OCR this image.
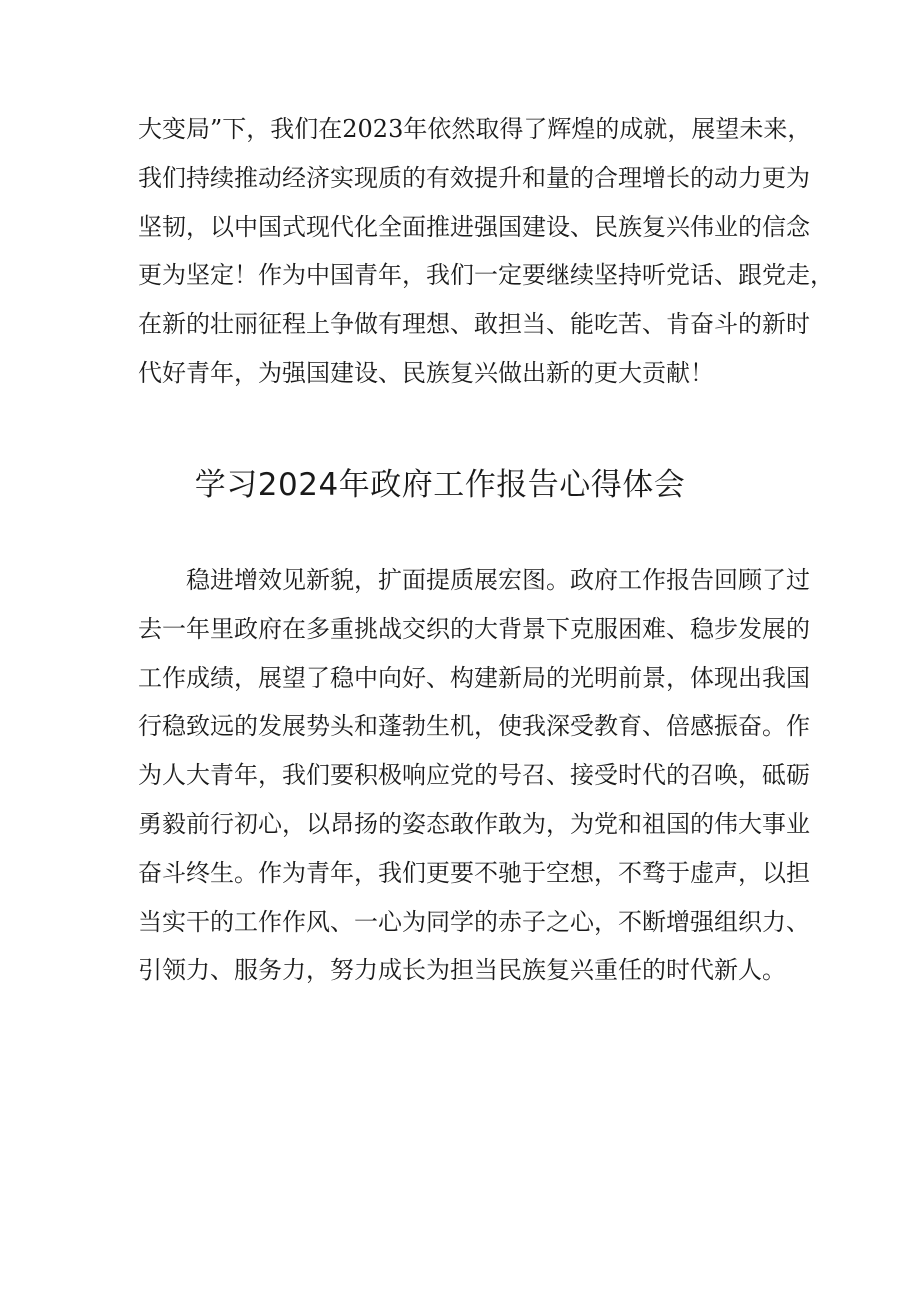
大变局”下，我们在2023年依然取得了辉煌的成就，展望未来，
我们持续推动经济实现质的有效提升和量的合理增长的动力更为
坚韧，以中国式现代化全面推进强国建设、民族复兴伟业的信念
更为坚定！作为中国青年，我们一定要继续坚持听党话、跟党走，
在新的壮丽征程上争做有理想、敢担当、能吃苦、肯奋斗的新时
代好青年，为强国建设、民族复兴做出新的更大贡献！
学习2024年政府工作报告心得体会
稳进增效见新貌，扩面提质展宏图。政府工作报告回顾了过
去一年里政府在多重挑战交织的大背景下克服困难、稳步发展的
工作成绩，展望了稳中向好、构建新局的光明前景，体现出我国
行稳致远的发展势头和蓬勃生机，使我深受教育、倍感振奋。作
为人大青年，我们要积极响应党的号召、接受时代的召唤，砥砺
勇毅前行初心，以昂扬的姿态敢作敢为，为党和祖国的伟大事业
奋斗终生。作为青年，我们更要不驰于空想，不骛于虚声，以担
当实干的工作作风、一心为同学的赤子之心，不断增强组织力、
引领力、服务力，努力成长为担当民族复兴重任的时代新人。
